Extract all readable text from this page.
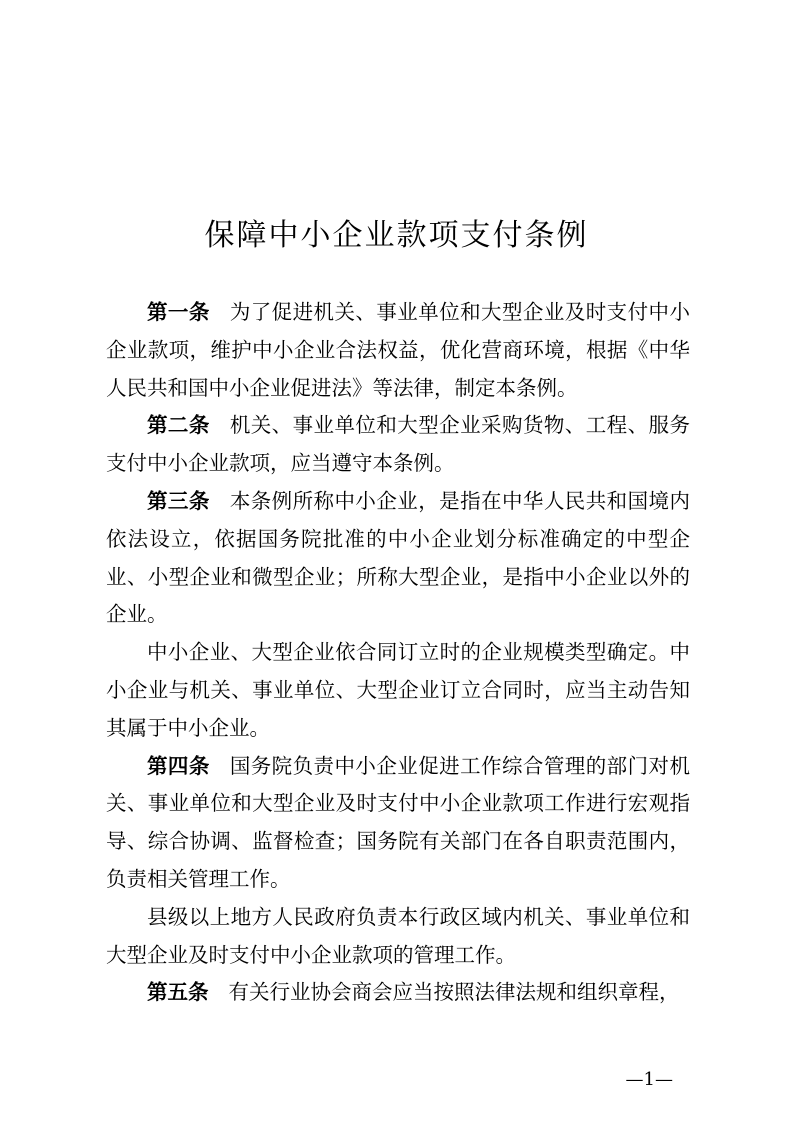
保障中小企业款项支付条例

第一条 为了促进机关、事业单位和大型企业及时支付中小企业款项，维护中小企业合法权益，优化营商环境，根据《中华人民共和国中小企业促进法》等法律，制定本条例。

第二条 机关、事业单位和大型企业采购货物、工程、服务支付中小企业款项，应当遵守本条例。

第三条 本条例所称中小企业，是指在中华人民共和国境内依法设立，依据国务院批准的中小企业划分标准确定的中型企业、小型企业和微型企业；所称大型企业，是指中小企业以外的企业。

中小企业、大型企业依合同订立时的企业规模类型确定。中小企业与机关、事业单位、大型企业订立合同时，应当主动告知其属于中小企业。

第四条 国务院负责中小企业促进工作综合管理的部门对机关、事业单位和大型企业及时支付中小企业款项工作进行宏观指导、综合协调、监督检查；国务院有关部门在各自职责范围内，负责相关管理工作。

县级以上地方人民政府负责本行政区域内机关、事业单位和大型企业及时支付中小企业款项的管理工作。

第五条 有关行业协会商会应当按照法律法规和组织章程，

—1—
